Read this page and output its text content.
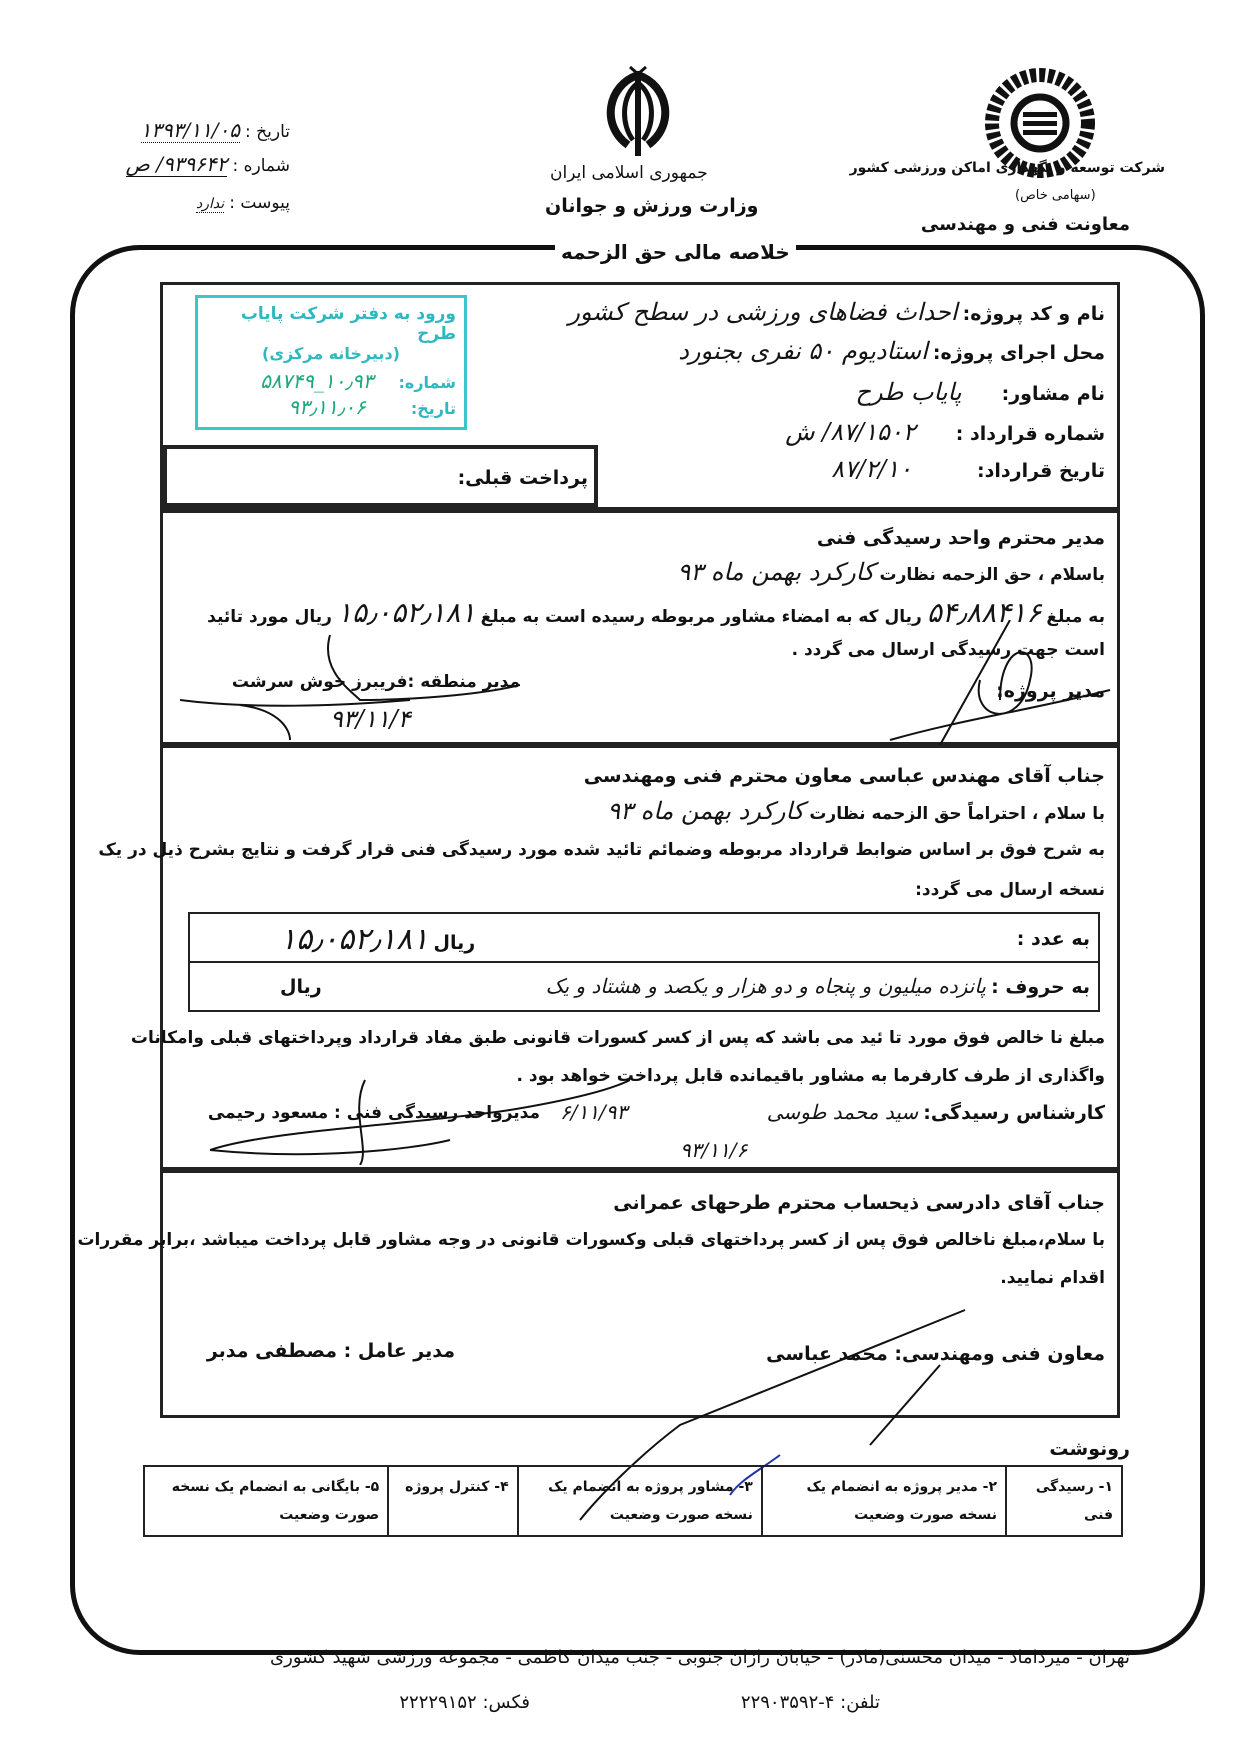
شرکت توسعه و نگهداری اماکن ورزشی کشور
(سهامی خاص)
معاونت فنی و مهندسی
جمهوری اسلامی ایران
وزارت ورزش و جوانان
تاریخ : ۱۳۹۳/۱۱/۰۵
شماره : ۹۳۹۶۴۲/ ص
پیوست : ندارد
خلاصه مالی حق الزحمه
ورود به دفتر شرکت پایاب طرح
(دبیرخانه مرکزی)
شماره: ۱۰٫۹۳_۵۸۷۴۹
تاریخ: ۹۳٫۱۱٫۰۶
نام و کد پروژه: احداث فضاهای ورزشی در سطح کشور
محل اجرای پروژه: استادیوم ۵۰ نفری بجنورد
نام مشاور: پایاب طرح
شماره قرارداد : ۸۷/۱۵۰۲/ ش
تاریخ قرارداد: ۸۷/۲/۱۰
پرداخت قبلی:
مدیر محترم واحد رسیدگی فنی
باسلام ، حق الزحمه نظارت کارکرد بهمن ماه ۹۳
به مبلغ ۵۴٫۸۸۴۱۶ ریال که به امضاء مشاور مربوطه رسیده است به مبلغ ۱۵٫۰۵۲٫۱۸۱ ریال مورد تائید
است جهت رسیدگی ارسال می گردد .
مدیر پروژه:
مدیر منطقه :فریبرز خوش سرشت
۹۳/۱۱/۴
جناب آقای مهندس عباسی معاون محترم فنی ومهندسی
با سلام ، احتراماً حق الزحمه نظارت کارکرد بهمن ماه ۹۳
به شرح فوق بر اساس ضوابط قرارداد مربوطه وضمائم تائید شده مورد رسیدگی فنی قرار گرفت و نتایج بشرح ذیل در یک
نسخه ارسال می گردد:
به عدد :
ریال ۱۵٫۰۵۲٫۱۸۱
به حروف : پانزده میلیون و پنجاه و دو هزار و یکصد و هشتاد و یک
ریال
مبلغ نا خالص فوق مورد تا ئید می باشد که پس از کسر کسورات قانونی طبق مفاد قرارداد وپرداختهای قبلی وامکانات
واگذاری از طرف کارفرما به مشاور باقیمانده قابل پرداخت خواهد بود .
کارشناس رسیدگی: سید محمد طوسی
مدیرواحد رسیدگی فنی : مسعود رحیمی ۶/۱۱/۹۳
۹۳/۱۱/۶
جناب آقای دادرسی ذیحساب محترم طرحهای عمرانی
با سلام،مبلغ ناخالص فوق پس از کسر پرداختهای قبلی وکسورات قانونی در وجه مشاور قابل پرداخت میباشد ،برابر مقررات
اقدام نمایید.
معاون فنی ومهندسی: محمد عباسی
مدیر عامل : مصطفی مدبر
رونوشت
۱- رسیدگی فنی	۲- مدیر پروژه به انضمام یک نسخه صورت وضعیت	۳- مشاور پروژه به انضمام یک نسخه صورت وضعیت	۴- کنترل پروژه	۵- بایگانی به انضمام یک نسخه صورت وضعیت
تهران - میرداماد - میدان محسنی(مادر) - خیابان رازان جنوبی - جنب میدان کاظمی - مجموعه ورزشی شهید کشوری
تلفن: ۴-۲۲۹۰۳۵۹۲
فکس: ۲۲۲۲۹۱۵۲
